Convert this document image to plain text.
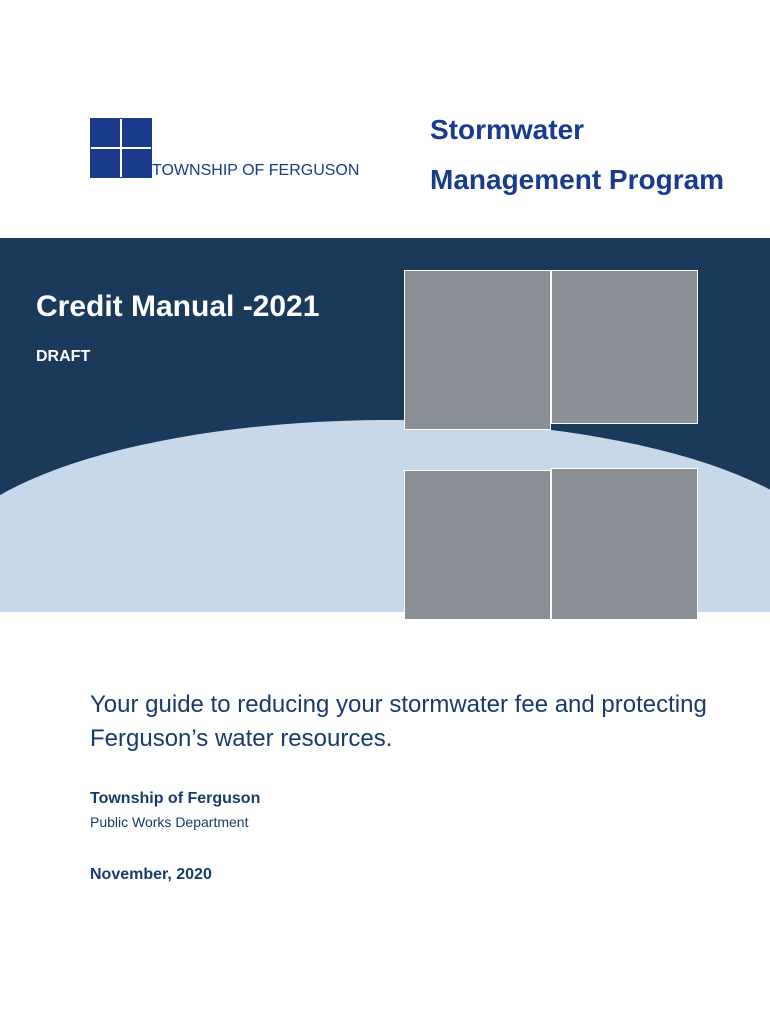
TOWNSHIP OF FERGUSON
Stormwater
Management Program
Credit Manual -2021
DRAFT
Your guide to reducing your stormwater fee and protecting Ferguson’s water resources.
Township of Ferguson
Public Works Department
November, 2020
